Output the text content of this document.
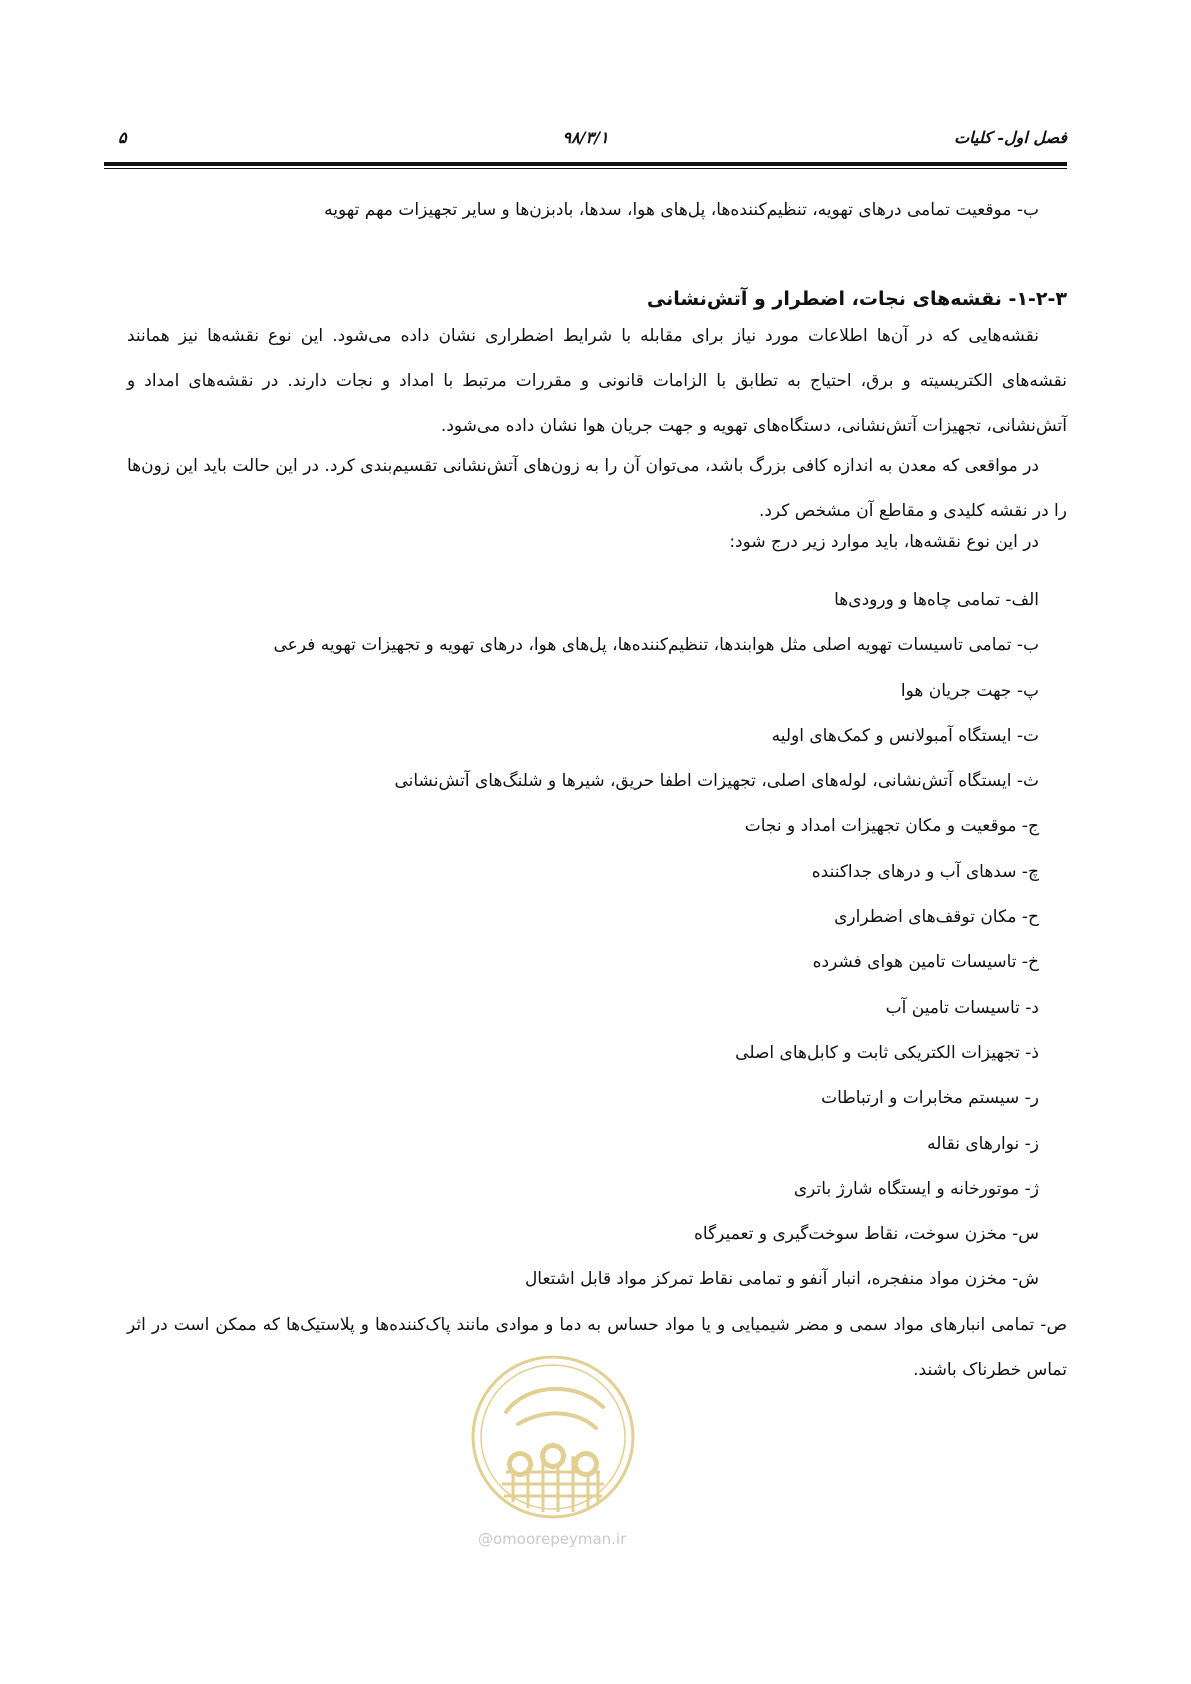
فصل اول- کلیات
۹۸/۳/۱
۵
ب- موقعیت تمامی درهای تهویه، تنظیم‌کننده‌ها، پل‌های هوا، سدها، بادبزن‌ها و سایر تجهیزات مهم تهویه
۱-۲-۳- نقشه‌های نجات، اضطرار و آتش‌نشانی
نقشه‌هایی که در آن‌ها اطلاعات مورد نیاز برای مقابله با شرایط اضطراری نشان داده می‌شود. این نوع نقشه‌ها نیز همانند نقشه‌های الکتریسیته و برق، احتیاج به تطابق با الزامات قانونی و مقررات مرتبط با امداد و نجات دارند. در نقشه‌های امداد و آتش‌نشانی، تجهیزات آتش‌نشانی، دستگاه‌های تهویه و جهت جریان هوا نشان داده می‌شود.
در مواقعی که معدن به اندازه کافی بزرگ باشد، می‌توان آن را به زون‌های آتش‌نشانی تقسیم‌بندی کرد. در این حالت باید این زون‌ها را در نقشه کلیدی و مقاطع آن مشخص کرد.
در این نوع نقشه‌ها، باید موارد زیر درج شود:
الف- تمامی چاه‌ها و ورودی‌ها
ب- تمامی تاسیسات تهویه اصلی مثل هوابندها، تنظیم‌کننده‌ها، پل‌های هوا، درهای تهویه و تجهیزات تهویه فرعی
پ- جهت جریان هوا
ت- ایستگاه آمبولانس و کمک‌های اولیه
ث- ایستگاه آتش‌نشانی، لوله‌های اصلی، تجهیزات اطفا حریق، شیرها و شلنگ‌های آتش‌نشانی
ج- موقعیت و مکان تجهیزات امداد و نجات
چ- سدهای آب و درهای جداکننده
ح- مکان توقف‌های اضطراری
خ- تاسیسات تامین هوای فشرده
د- تاسیسات تامین آب
ذ- تجهیزات الکتریکی ثابت و کابل‌های اصلی
ر- سیستم مخابرات و ارتباطات
ز- نوارهای نقاله
ژ- موتورخانه و ایستگاه شارژ باتری
س- مخزن سوخت، نقاط سوخت‌گیری و تعمیرگاه
ش- مخزن مواد منفجره، انبار آنفو و تمامی نقاط تمرکز مواد قابل اشتعال
ص- تمامی انبارهای مواد سمی و مضر شیمیایی و یا مواد حساس به دما و موادی مانند پاک‌کننده‌ها و پلاستیک‌ها که ممکن است در اثر تماس خطرناک باشند.
@omoorepeyman.ir
